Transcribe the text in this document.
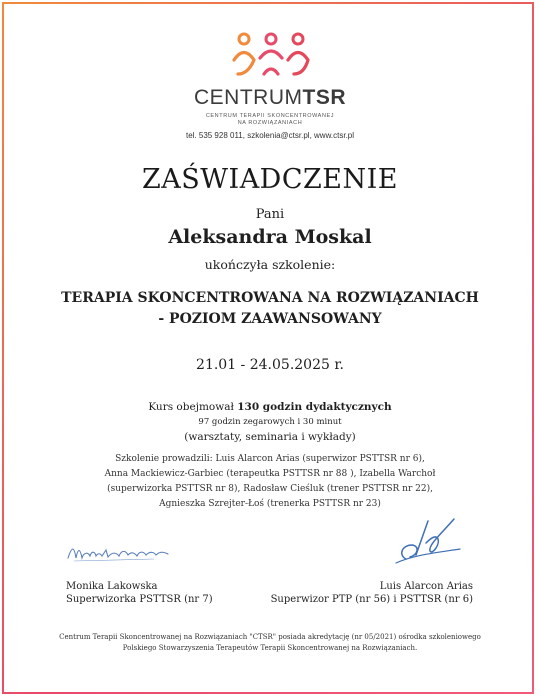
CENTRUMTSR
CENTRUM TERAPII SKONCENTROWANEJ
NA ROZWIĄZANIACH
tel. 535 928 011, szkolenia@ctsr.pl, www.ctsr.pl
ZAŚWIADCZENIE
Pani
Aleksandra Moskal
ukończyła szkolenie:
TERAPIA SKONCENTROWANA NA ROZWIĄZANIACH
- POZIOM ZAAWANSOWANY
21.01 - 24.05.2025 r.
Kurs obejmował 130 godzin dydaktycznych
97 godzin zegarowych i 30 minut
(warsztaty, seminaria i wykłady)
Szkolenie prowadzili: Luis Alarcon Arias (superwizor PSTTSR nr 6),
Anna Mackiewicz-Garbiec (terapeutka PSTTSR nr 88 ), Izabella Warchoł
(superwizorka PSTTSR nr 8), Radosław Cieśluk (trener PSTTSR nr 22),
Agnieszka Szrejter-Łoś (trenerka PSTTSR nr 23)
Monika Lakowska
Superwizorka PSTTSR (nr 7)
Luis Alarcon Arias
Superwizor PTP (nr 56) i PSTTSR (nr 6)
Centrum Terapii Skoncentrowanej na Rozwiązaniach "CTSR" posiada akredytację (nr 05/2021) ośrodka szkoleniowego
Polskiego Stowarzyszenia Terapeutów Terapii Skoncentrowanej na Rozwiązaniach.
